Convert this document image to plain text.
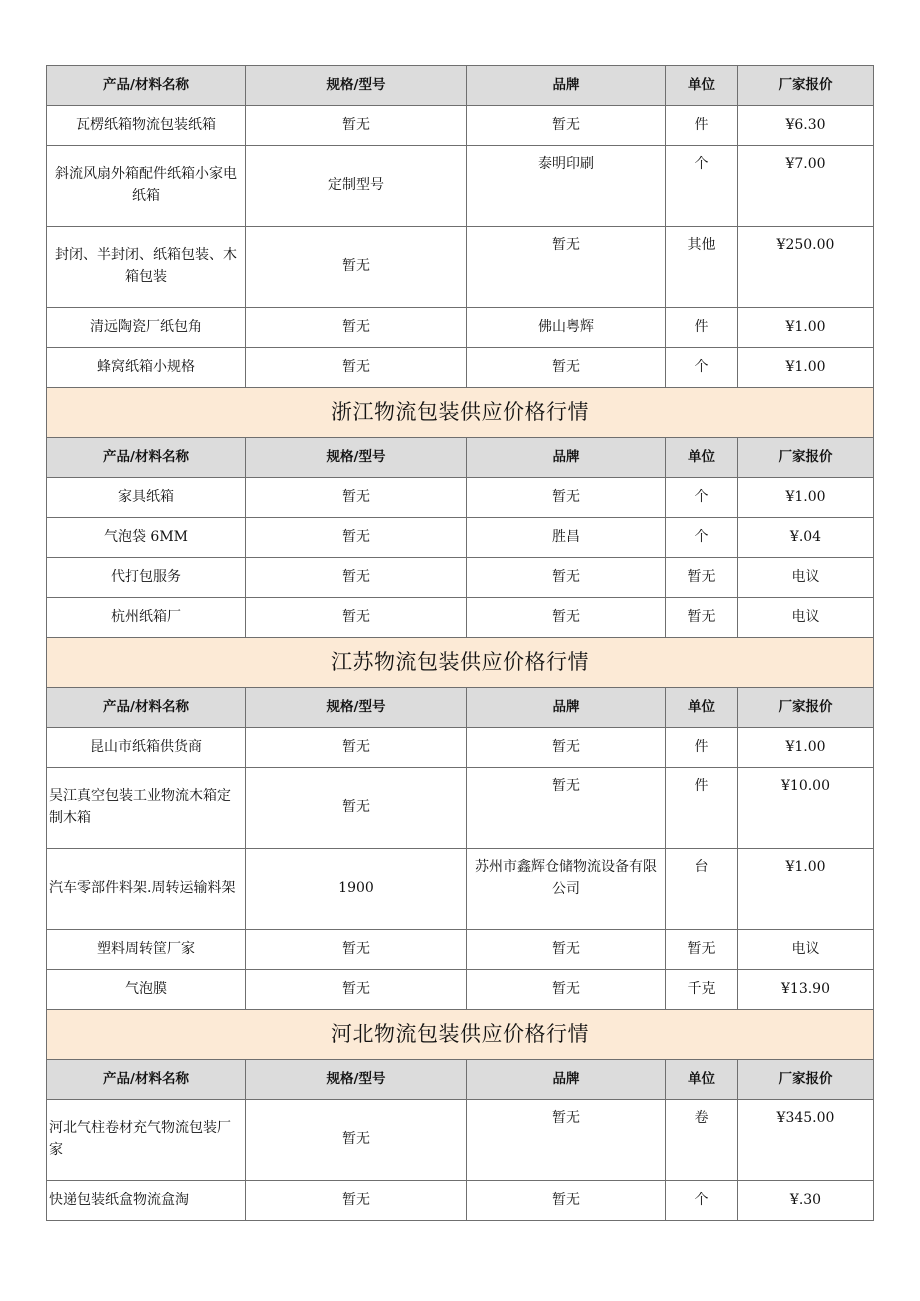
产品/材料名称	规格/型号	品牌	单位	厂家报价
瓦楞纸箱物流包装纸箱	暂无	暂无	件	¥6.30
斜流风扇外箱配件纸箱小家电纸箱	定制型号	泰明印刷	个	¥7.00
封闭、半封闭、纸箱包装、木箱包装	暂无	暂无	其他	¥250.00
清远陶瓷厂纸包角	暂无	佛山粤辉	件	¥1.00
蜂窝纸箱小规格	暂无	暂无	个	¥1.00
浙江物流包装供应价格行情				
产品/材料名称	规格/型号	品牌	单位	厂家报价
家具纸箱	暂无	暂无	个	¥1.00
气泡袋 6MM	暂无	胜昌	个	¥.04
代打包服务	暂无	暂无	暂无	电议
杭州纸箱厂	暂无	暂无	暂无	电议
江苏物流包装供应价格行情				
产品/材料名称	规格/型号	品牌	单位	厂家报价
昆山市纸箱供货商	暂无	暂无	件	¥1.00
吴江真空包装工业物流木箱定制木箱	暂无	暂无	件	¥10.00
汽车零部件料架.周转运输料架	1900	苏州市鑫辉仓储物流设备有限公司	台	¥1.00
塑料周转筐厂家	暂无	暂无	暂无	电议
气泡膜	暂无	暂无	千克	¥13.90
河北物流包装供应价格行情				
产品/材料名称	规格/型号	品牌	单位	厂家报价
河北气柱卷材充气物流包装厂家	暂无	暂无	卷	¥345.00
快递包装纸盒物流盒淘	暂无	暂无	个	¥.30
